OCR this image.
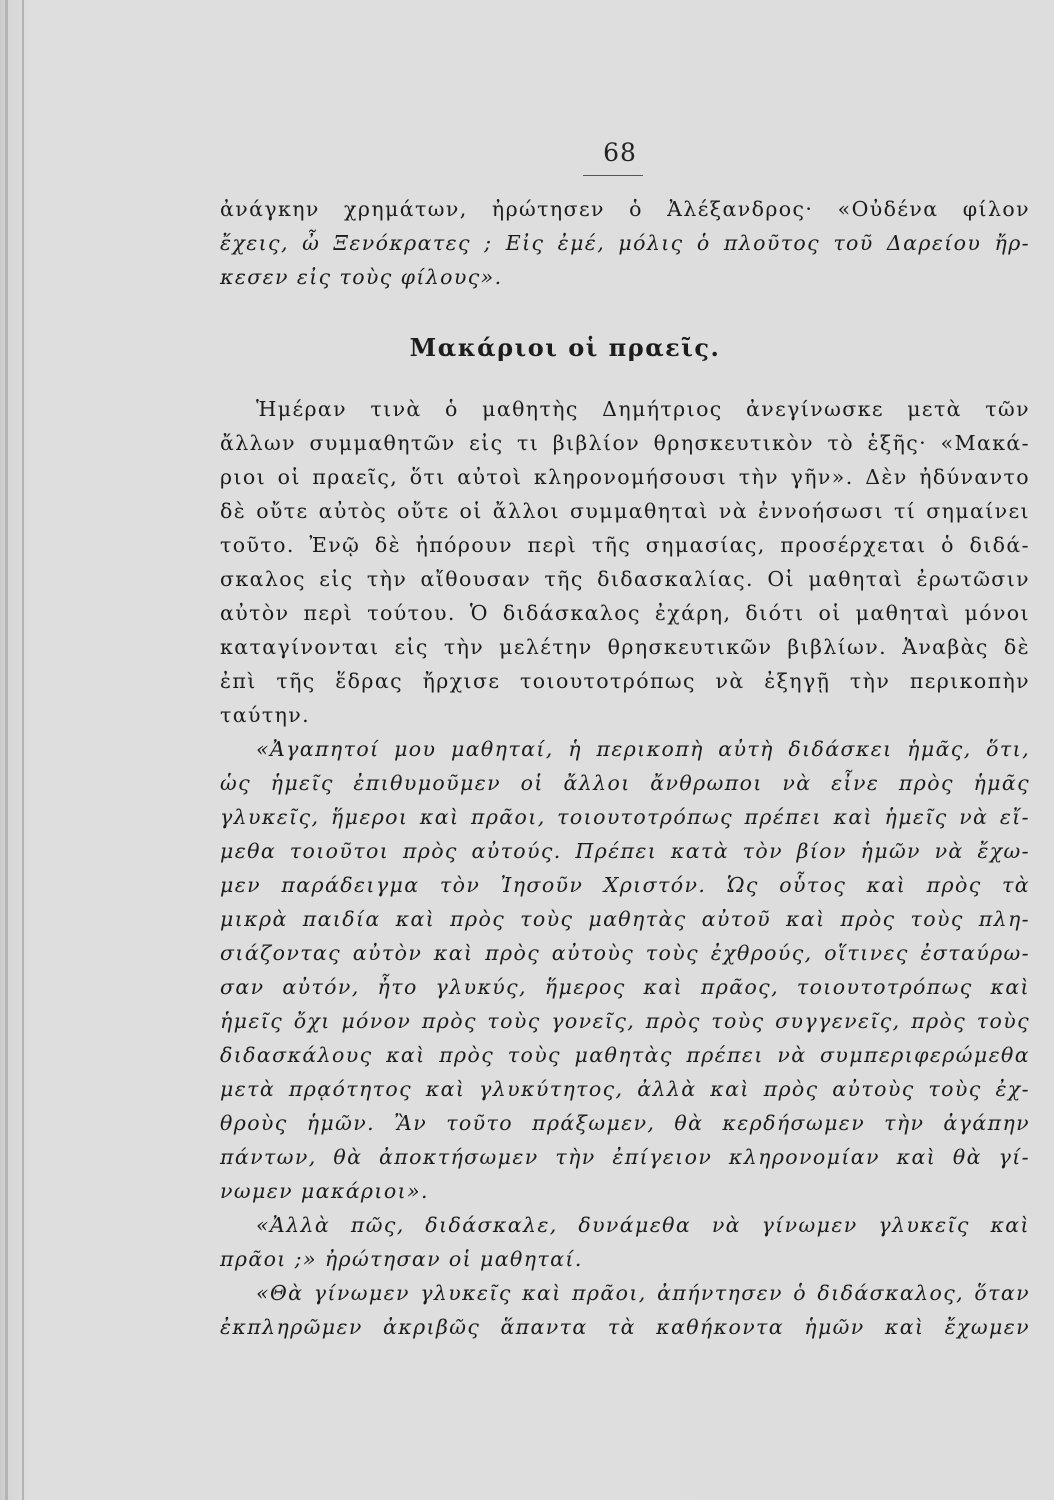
68
Μακάριοι οἱ πραεῖς.
ἀνάγκην χρημάτων, ἠρώτησεν ὁ Ἀλέξανδρος· «Οὐδένα φίλον
ἔχεις, ὦ Ξενόκρατες ; Εἰς ἐμέ, μόλις ὁ πλοῦτος τοῦ Δαρείου ἤρ-
κεσεν εἰς τοὺς φίλους».
Ἡμέραν τινὰ ὁ μαθητὴς Δημήτριος ἀνεγίνωσκε μετὰ τῶν
ἄλλων συμμαθητῶν εἰς τι βιβλίον θρησκευτικὸν τὸ ἑξῆς· «Μακά-
ριοι οἱ πραεῖς, ὅτι αὐτοὶ κληρονομήσουσι τὴν γῆν». Δὲν ἠδύναντο
δὲ οὔτε αὐτὸς οὔτε οἱ ἄλλοι συμμαθηταὶ νὰ ἐννοήσωσι τί σημαίνει
τοῦτο. Ἐνῷ δὲ ἠπόρουν περὶ τῆς σημασίας, προσέρχεται ὁ διδά-
σκαλος εἰς τὴν αἴθουσαν τῆς διδασκαλίας. Οἱ μαθηταὶ ἐρωτῶσιν
αὐτὸν περὶ τούτου. Ὁ διδάσκαλος ἐχάρη, διότι οἱ μαθηταὶ μόνοι
καταγίνονται εἰς τὴν μελέτην θρησκευτικῶν βιβλίων. Ἀναβὰς δὲ
ἐπὶ τῆς ἕδρας ἤρχισε τοιουτοτρόπως νὰ ἐξηγῇ τὴν περικοπὴν
ταύτην.
«Ἀγαπητοί μου μαθηταί, ἡ περικοπὴ αὐτὴ διδάσκει ἡμᾶς, ὅτι,
ὡς ἡμεῖς ἐπιθυμοῦμεν οἱ ἄλλοι ἄνθρωποι νὰ εἶνε πρὸς ἡμᾶς
γλυκεῖς, ἥμεροι καὶ πρᾶοι, τοιουτοτρόπως πρέπει καὶ ἡμεῖς νὰ εἴ-
μεθα τοιοῦτοι πρὸς αὐτούς. Πρέπει κατὰ τὸν βίον ἡμῶν νὰ ἔχω-
μεν παράδειγμα τὸν Ἰησοῦν Χριστόν. Ὡς οὗτος καὶ πρὸς τὰ
μικρὰ παιδία καὶ πρὸς τοὺς μαθητὰς αὐτοῦ καὶ πρὸς τοὺς πλη-
σιάζοντας αὐτὸν καὶ πρὸς αὐτοὺς τοὺς ἐχθρούς, οἵτινες ἐσταύρω-
σαν αὐτόν, ἦτο γλυκύς, ἥμερος καὶ πρᾶος, τοιουτοτρόπως καὶ
ἡμεῖς ὄχι μόνον πρὸς τοὺς γονεῖς, πρὸς τοὺς συγγενεῖς, πρὸς τοὺς
διδασκάλους καὶ πρὸς τοὺς μαθητὰς πρέπει νὰ συμπεριφερώμεθα
μετὰ πρᾳότητος καὶ γλυκύτητος, ἀλλὰ καὶ πρὸς αὐτοὺς τοὺς ἐχ-
θροὺς ἡμῶν. Ἂν τοῦτο πράξωμεν, θὰ κερδήσωμεν τὴν ἀγάπην
πάντων, θὰ ἀποκτήσωμεν τὴν ἐπίγειον κληρονομίαν καὶ θὰ γί-
νωμεν μακάριοι».
«Ἀλλὰ πῶς, διδάσκαλε, δυνάμεθα νὰ γίνωμεν γλυκεῖς καὶ
πρᾶοι ;» ἠρώτησαν οἱ μαθηταί.
«Θὰ γίνωμεν γλυκεῖς καὶ πρᾶοι, ἀπήντησεν ὁ διδάσκαλος, ὅταν
ἐκπληρῶμεν ἀκριβῶς ἅπαντα τὰ καθήκοντα ἡμῶν καὶ ἔχωμεν
